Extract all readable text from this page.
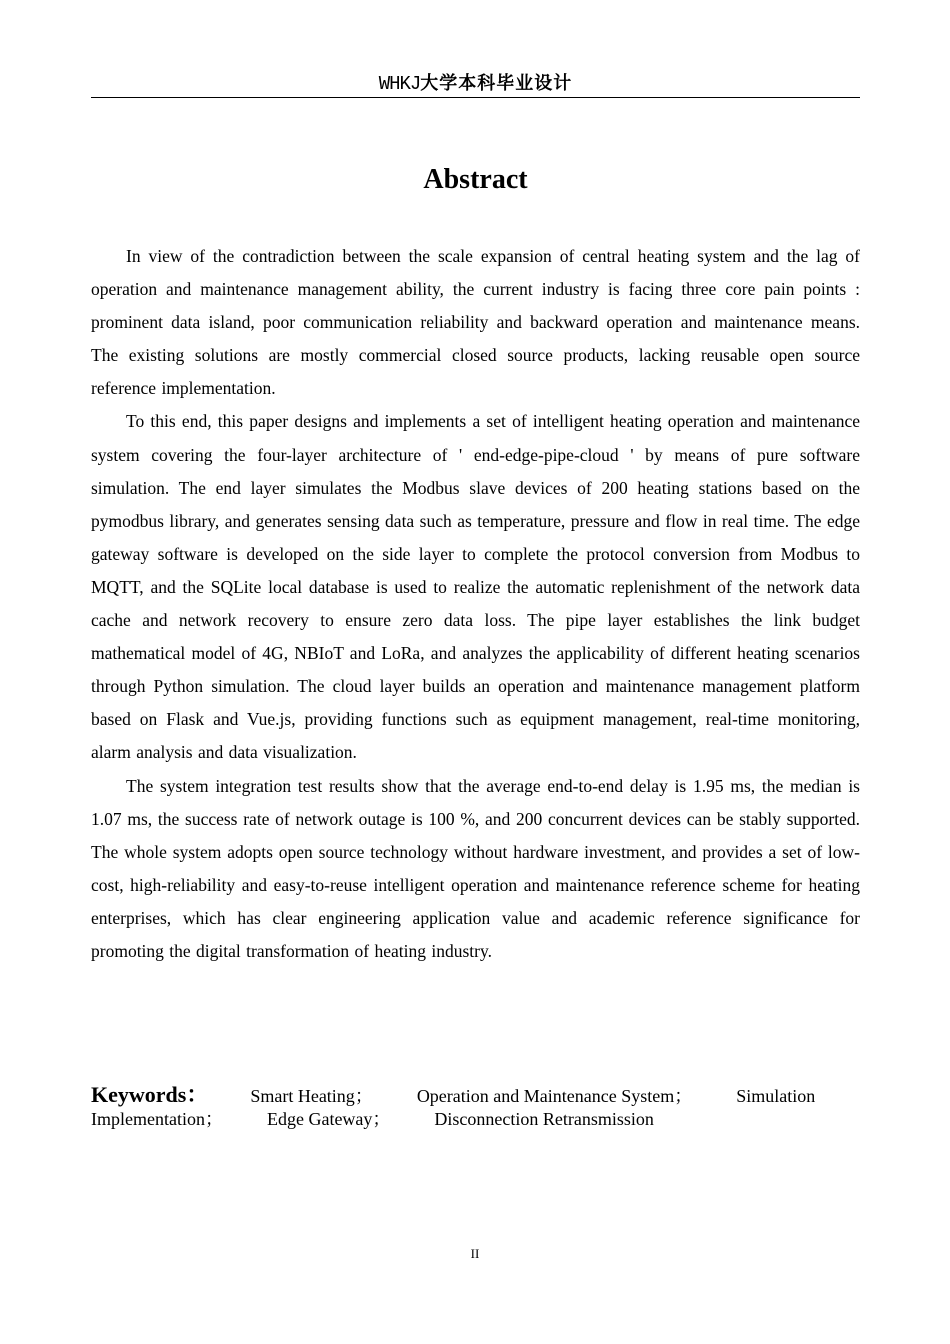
WHKJ大学本科毕业设计
Abstract

In view of the contradiction between the scale expansion of central heating system and the lag of operation and maintenance management ability, the current industry is facing three core pain points : prominent data island, poor communication reliability and backward operation and maintenance means. The existing solutions are mostly commercial closed source products, lacking reusable open source reference implementation.

To this end, this paper designs and implements a set of intelligent heating operation and maintenance system covering the four-layer architecture of ' end-edge-pipe-cloud ' by means of pure software simulation. The end layer simulates the Modbus slave devices of 200 heating stations based on the pymodbus library, and generates sensing data such as temperature, pressure and flow in real time. The edge gateway software is developed on the side layer to complete the protocol conversion from Modbus to MQTT, and the SQLite local database is used to realize the automatic replenishment of the network data cache and network recovery to ensure zero data loss. The pipe layer establishes the link budget mathematical model of 4G, NBIoT and LoRa, and analyzes the applicability of different heating scenarios through Python simulation. The cloud layer builds an operation and maintenance management platform based on Flask and Vue.js, providing functions such as equipment management, real-time monitoring, alarm analysis and data visualization.

The system integration test results show that the average end-to-end delay is 1.95 ms, the median is 1.07 ms, the success rate of network outage is 100 %, and 200 concurrent devices can be stably supported. The whole system adopts open source technology without hardware investment, and provides a set of low-cost, high-reliability and easy-to-reuse intelligent operation and maintenance reference scheme for heating enterprises, which has clear engineering application value and academic reference significance for promoting the digital transformation of heating industry.

Keywords： Smart Heating； Operation and Maintenance System； Simulation Implementation； Edge Gateway； Disconnection Retransmission
II
